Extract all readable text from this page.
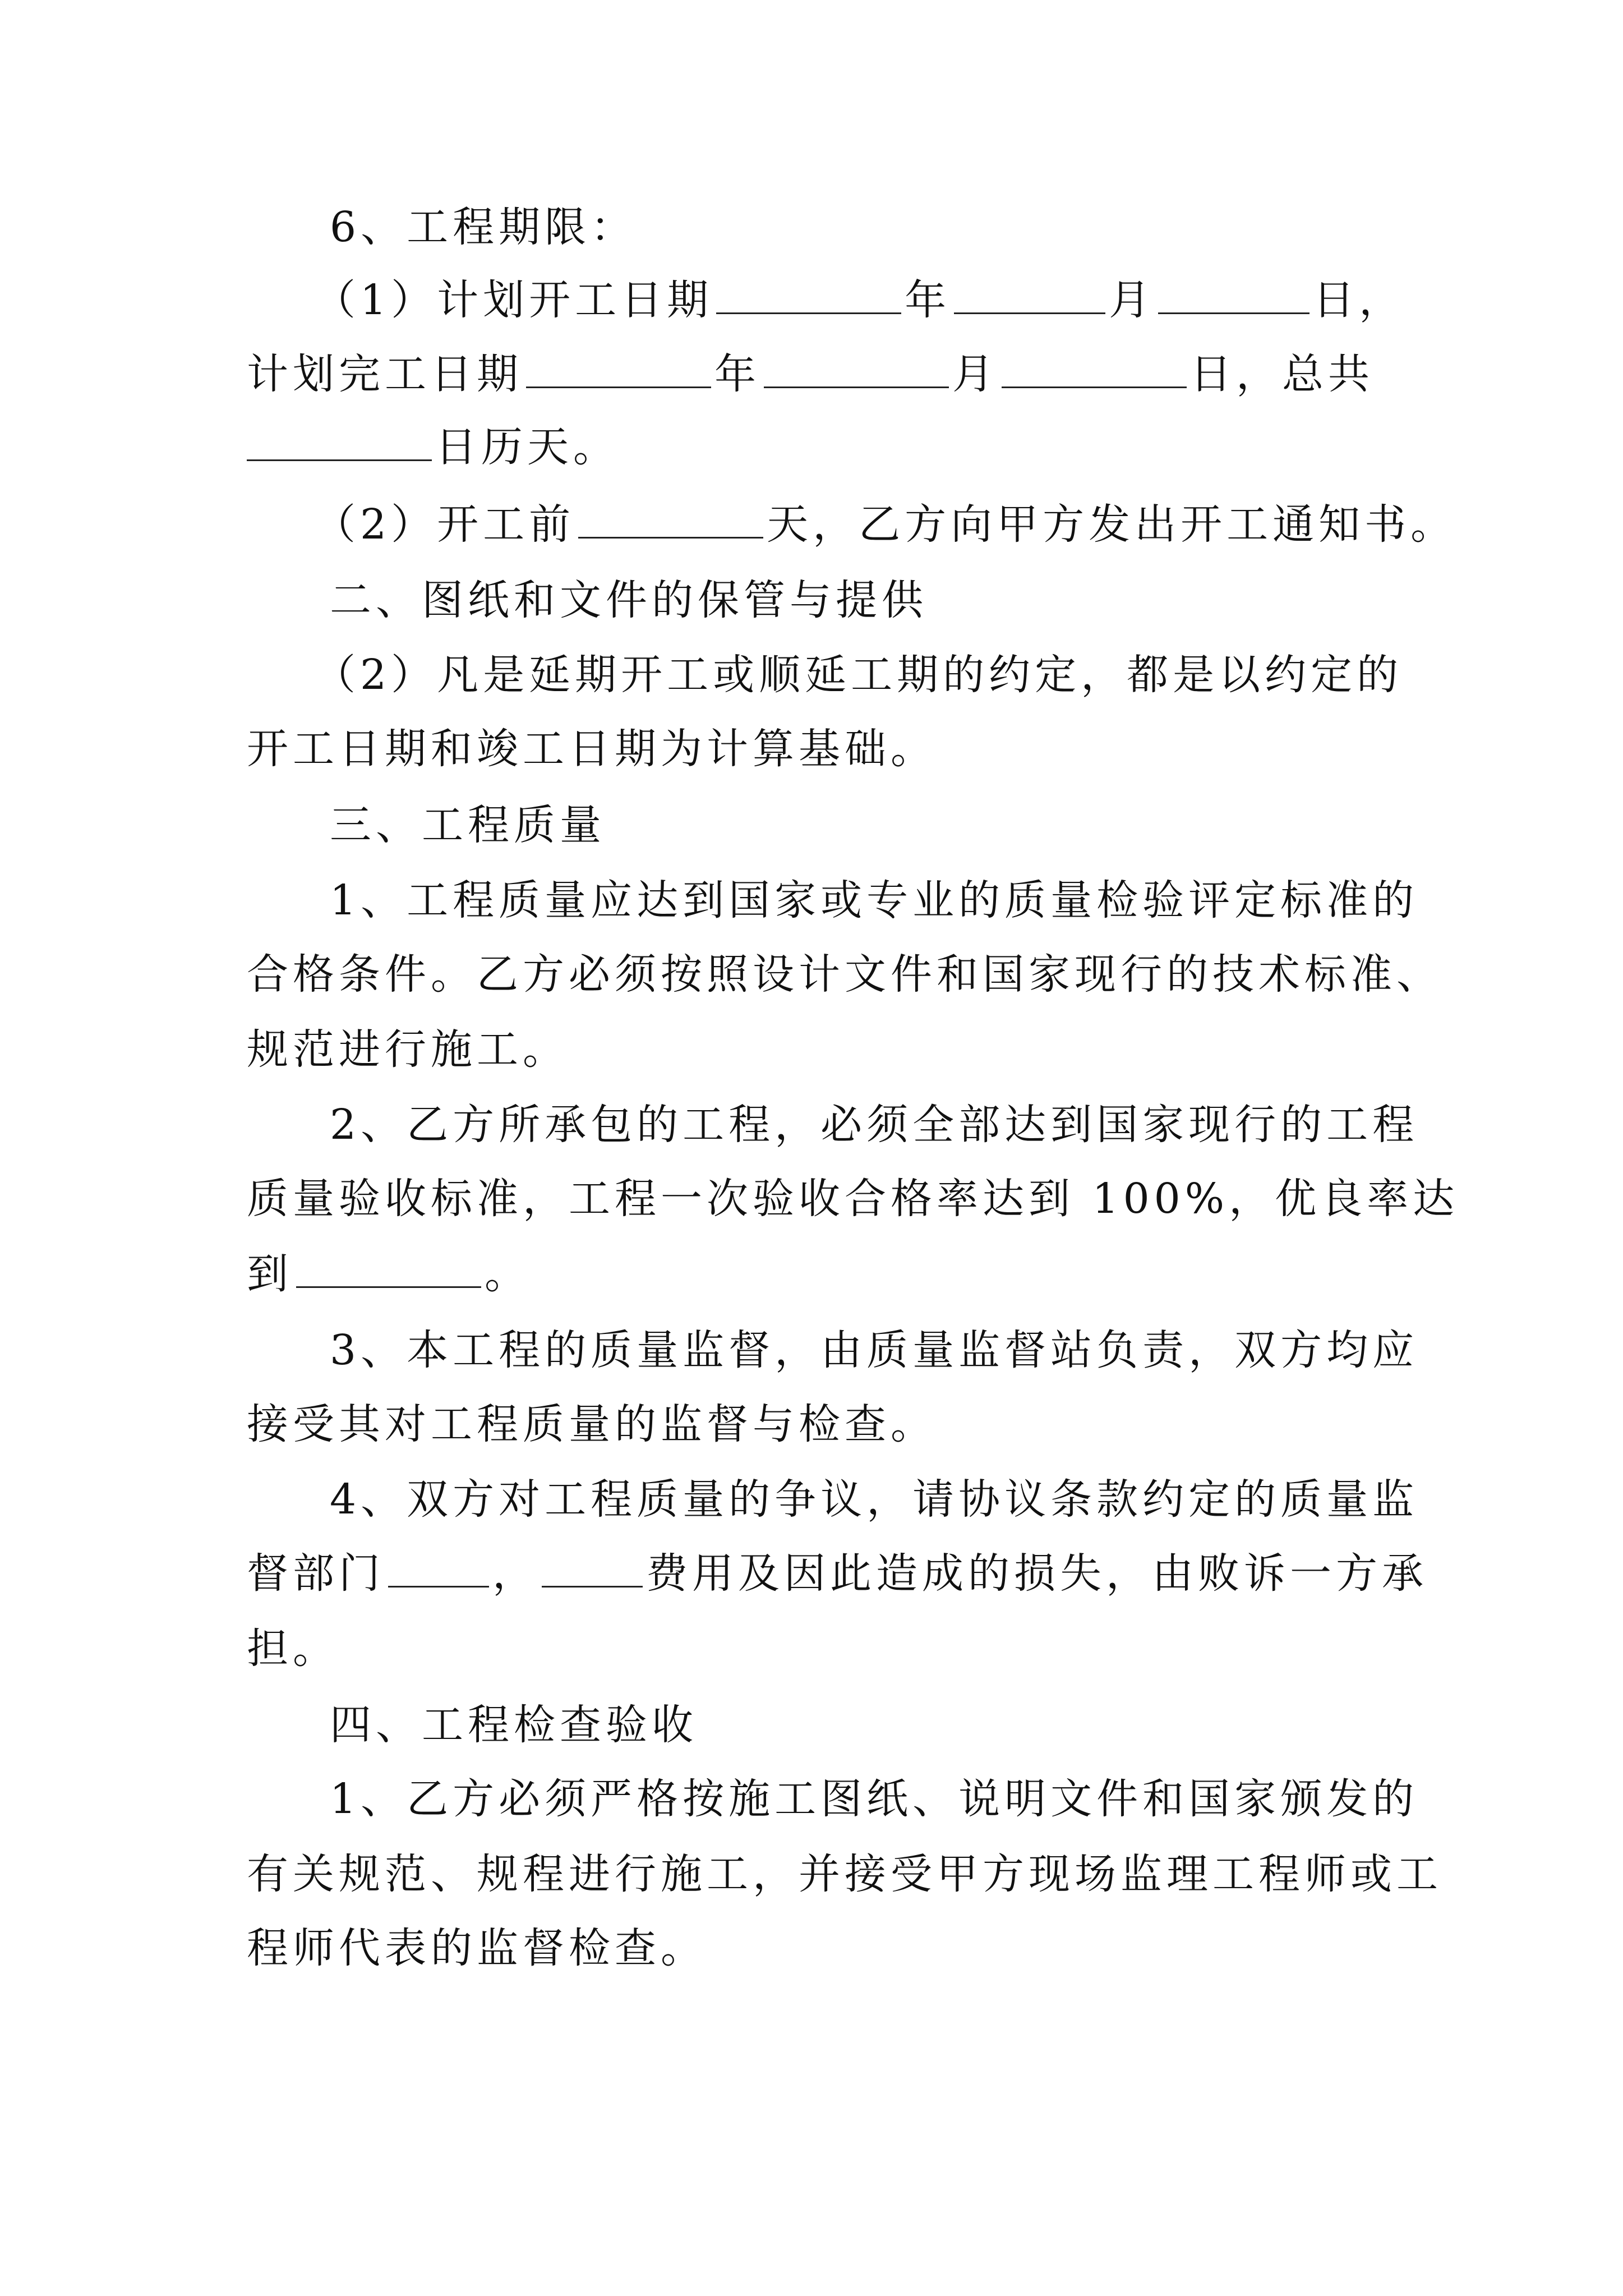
6、工程期限：
（1）计划开工日期	年	月	日，
计划完工日期	年	月	日，总共
日历天。
（2）开工前	天，乙方向甲方发出开工通知书。
二、图纸和文件的保管与提供
（2）凡是延期开工或顺延工期的约定，都是以约定的
开工日期和竣工日期为计算基础。
三、工程质量
1、工程质量应达到国家或专业的质量检验评定标准的
合格条件。乙方必须按照设计文件和国家现行的技术标准、
规范进行施工。
2、乙方所承包的工程，必须全部达到国家现行的工程
质量验收标准，工程一次验收合格率达到 100%，优良率达
到	。
3、本工程的质量监督，由质量监督站负责，双方均应
接受其对工程质量的监督与检查。
4、双方对工程质量的争议，请协议条款约定的质量监
督部门	，	费用及因此造成的损失，由败诉一方承
担。
四、工程检查验收
1、乙方必须严格按施工图纸、说明文件和国家颁发的
有关规范、规程进行施工，并接受甲方现场监理工程师或工
程师代表的监督检查。
